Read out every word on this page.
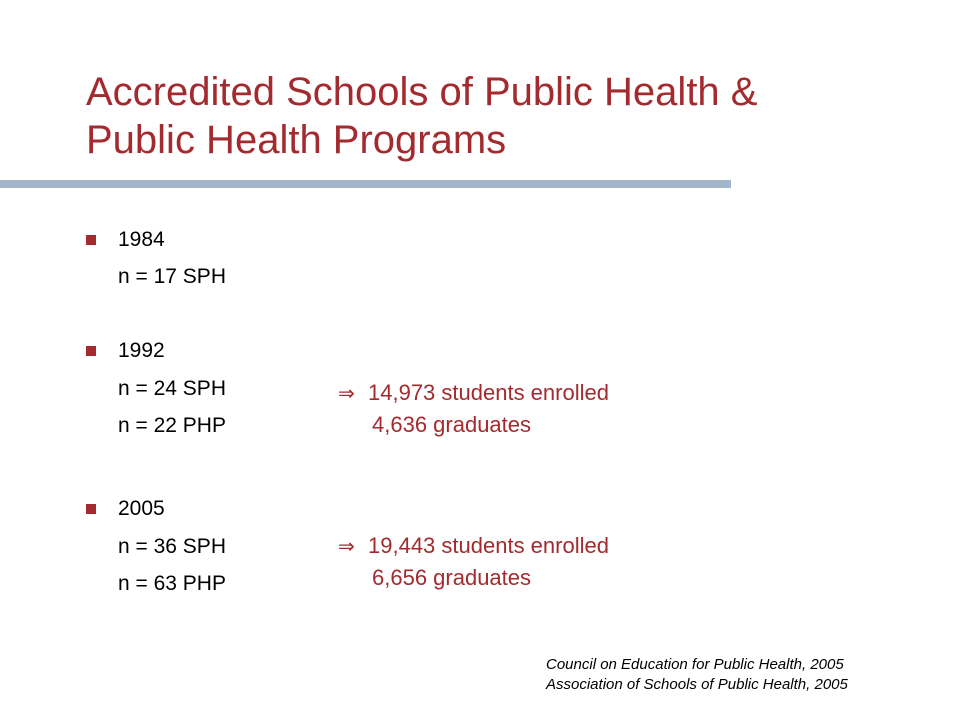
Accredited Schools of Public Health &
Public Health Programs
1984
n = 17 SPH
1992
n = 24 SPH
n = 22 PHP
2005
n = 36 SPH
n = 63 PHP
⇒ 14,973 students enrolled
4,636 graduates
⇒ 19,443 students enrolled
6,656 graduates
Council on Education for Public Health, 2005
Association of Schools of Public Health, 2005
